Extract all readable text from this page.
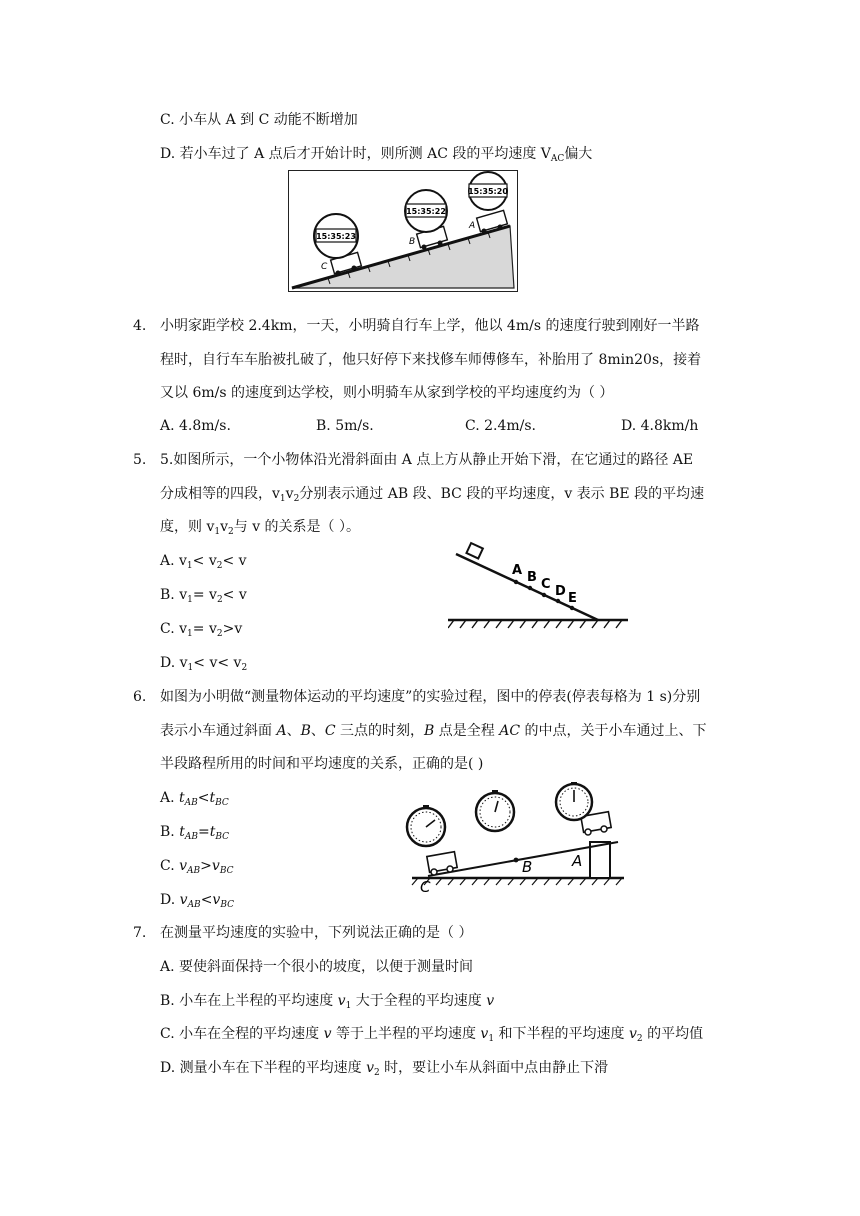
C. 小车从 A 到 C 动能不断增加
D. 若小车过了 A 点后才开始计时，则所测 AC 段的平均速度 $V_{AC}$偏大
C
B
A
15:35:23
15:35:22
15:35:20
4. 小明家距学校 2.4km，一天，小明骑自行车上学，他以 4m/s 的速度行驶到刚好一半路
程时，自行车车胎被扎破了，他只好停下来找修车师傅修车，补胎用了 8min20s，接着
又以 6m/s 的速度到达学校，则小明骑车从家到学校的平均速度约为（ ）
A. 4.8m/s.	B. 5m/s.	C. 2.4m/s.	D. 4.8km/h
5. 5.如图所示，一个小物体沿光滑斜面由 A 点上方从静止开始下滑，在它通过的路径 AE
分成相等的四段，$v_1v_2$分别表示通过 AB 段、BC 段的平均速度，v 表示 BE 段的平均速
度，则 $v_1v_2$与 v 的关系是（ ）。
A. $v_1< v_2< v$
B. $v_1= v_2< v$
C. $v_1= v_2>v$
D. $v_1< v< v_2$
A B C D E
6. 如图为小明做“测量物体运动的平均速度”的实验过程，图中的停表(停表每格为 1 s)分别
表示小车通过斜面 A、B、C 三点的时刻，B 点是全程 AC 的中点，关于小车通过上、下
半段路程所用的时间和平均速度的关系，正确的是( )
A. $t_{AB}<t_{BC}$
B. $t_{AB}=t_{BC}$
C. $v_{AB}>v_{BC}$
D. $v_{AB}<v_{BC}$
A
B
C
7. 在测量平均速度的实验中，下列说法正确的是（ ）
A. 要使斜面保持一个很小的坡度，以便于测量时间
B. 小车在上半程的平均速度 $v_1$ 大于全程的平均速度 v
C. 小车在全程的平均速度 v 等于上半程的平均速度 $v_1$ 和下半程的平均速度 $v_2$ 的平均值
D. 测量小车在下半程的平均速度 $v_2$ 时，要让小车从斜面中点由静止下滑
